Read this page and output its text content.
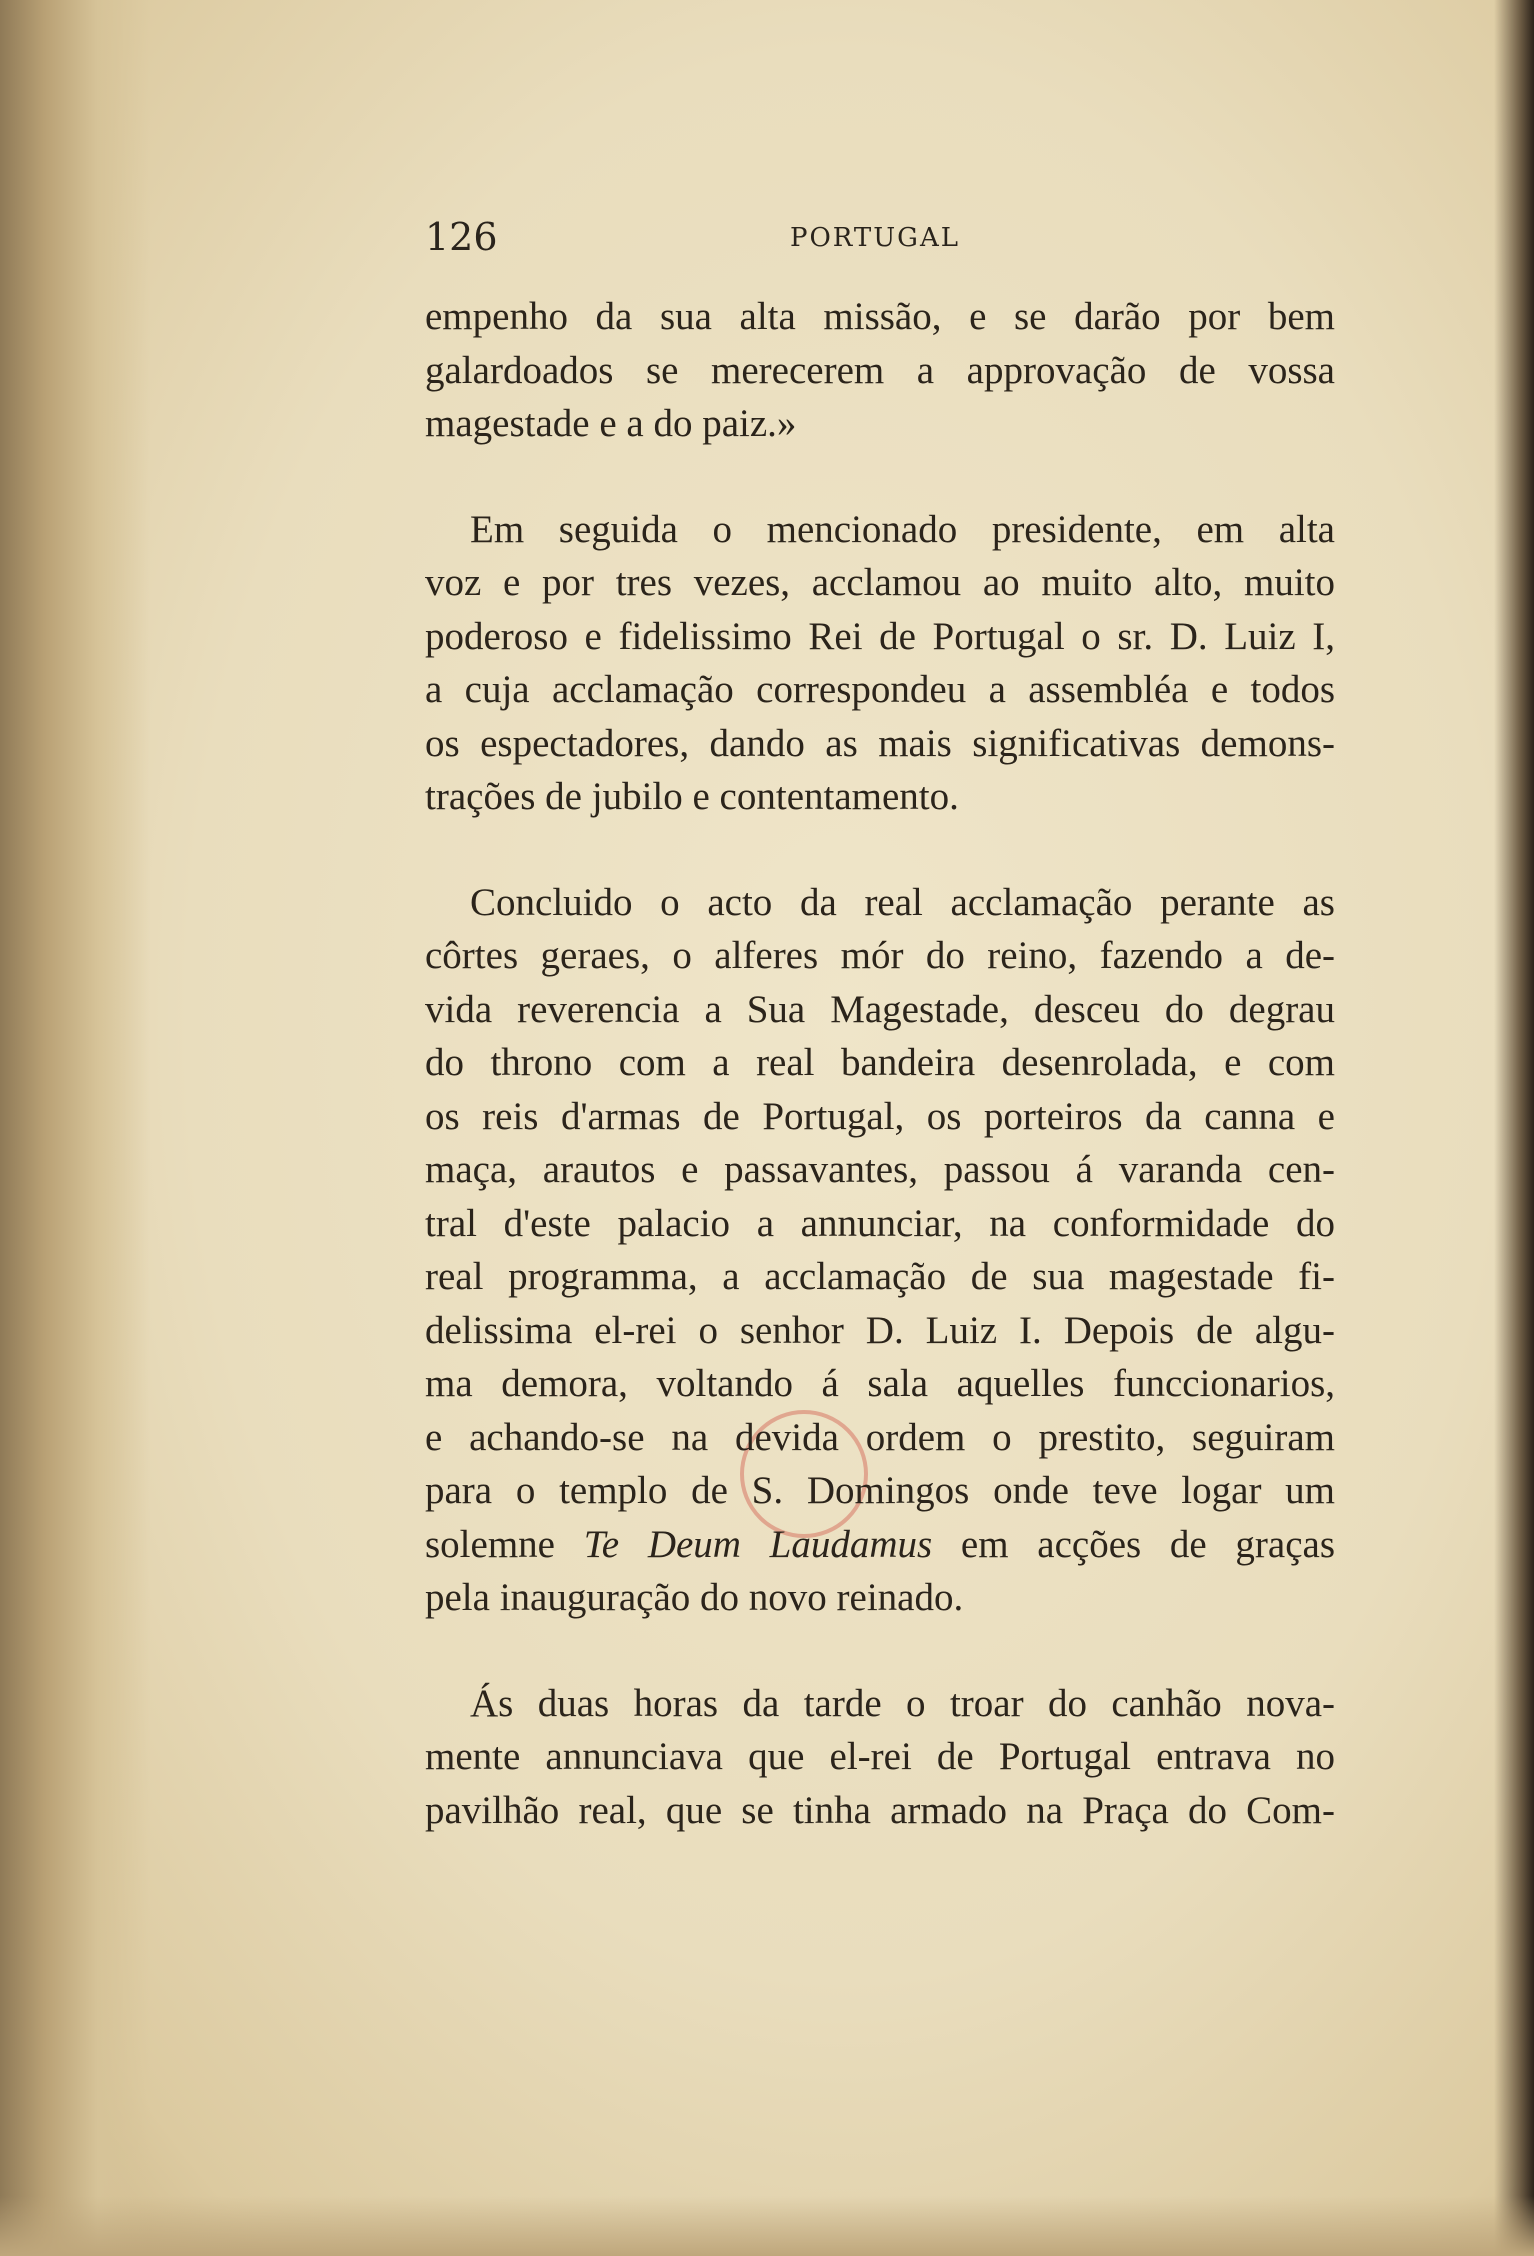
126	PORTUGAL
empenho da sua alta missão, e se darão por bem
galardoados se merecerem a approvação de vossa
magestade e a do paiz.»
Em seguida o mencionado presidente, em alta
voz e por tres vezes, acclamou ao muito alto, muito
poderoso e fidelissimo Rei de Portugal o sr. D. Luiz I,
a cuja acclamação correspondeu a assembléa e todos
os espectadores, dando as mais significativas demons-
trações de jubilo e contentamento.
Concluido o acto da real acclamação perante as
côrtes geraes, o alferes mór do reino, fazendo a de-
vida reverencia a Sua Magestade, desceu do degrau
do throno com a real bandeira desenrolada, e com
os reis d'armas de Portugal, os porteiros da canna e
maça, arautos e passavantes, passou á varanda cen-
tral d'este palacio a annunciar, na conformidade do
real programma, a acclamação de sua magestade fi-
delissima el-rei o senhor D. Luiz I. Depois de algu-
ma demora, voltando á sala aquelles funccionarios,
e achando-se na devida ordem o prestito, seguiram
para o templo de S. Domingos onde teve logar um
solemne Te Deum Laudamus em acções de graças
pela inauguração do novo reinado.
Ás duas horas da tarde o troar do canhão nova-
mente annunciava que el-rei de Portugal entrava no
pavilhão real, que se tinha armado na Praça do Com-
